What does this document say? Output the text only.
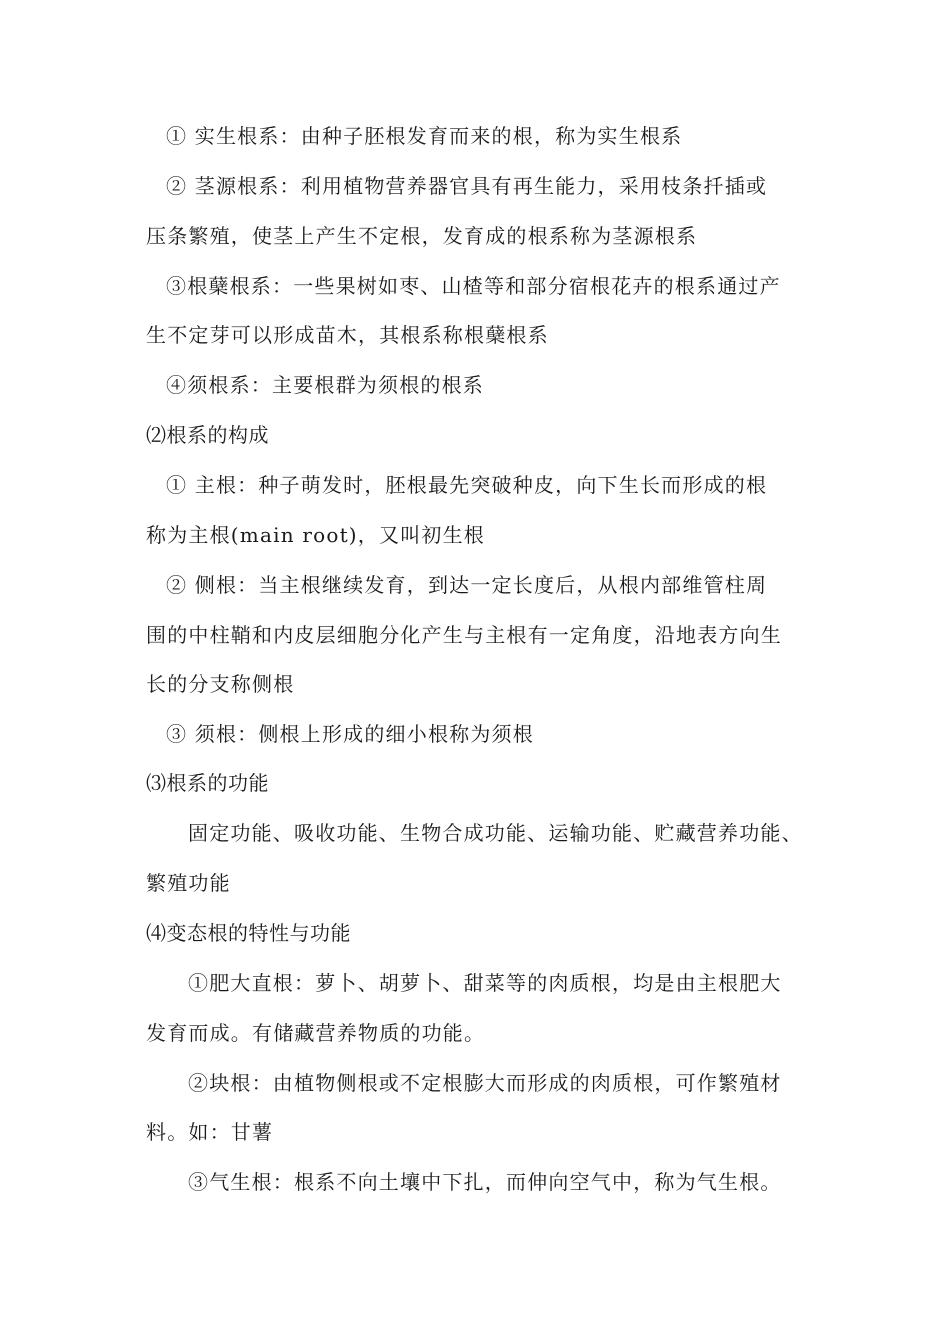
① 实生根系：由种子胚根发育而来的根，称为实生根系
② 茎源根系：利用植物营养器官具有再生能力，采用枝条扦插或
压条繁殖，使茎上产生不定根，发育成的根系称为茎源根系
③根蘖根系：一些果树如枣、山楂等和部分宿根花卉的根系通过产
生不定芽可以形成苗木，其根系称根蘖根系
④须根系：主要根群为须根的根系
⑵根系的构成
① 主根：种子萌发时，胚根最先突破种皮，向下生长而形成的根
称为主根(main root)，又叫初生根
② 侧根：当主根继续发育，到达一定长度后，从根内部维管柱周
围的中柱鞘和内皮层细胞分化产生与主根有一定角度，沿地表方向生
长的分支称侧根
③ 须根：侧根上形成的细小根称为须根
⑶根系的功能
固定功能、吸收功能、生物合成功能、运输功能、贮藏营养功能、
繁殖功能
⑷变态根的特性与功能
①肥大直根：萝卜、胡萝卜、甜菜等的肉质根，均是由主根肥大
发育而成。有储藏营养物质的功能。
②块根：由植物侧根或不定根膨大而形成的肉质根，可作繁殖材
料。如：甘薯
③气生根：根系不向土壤中下扎，而伸向空气中，称为气生根。
